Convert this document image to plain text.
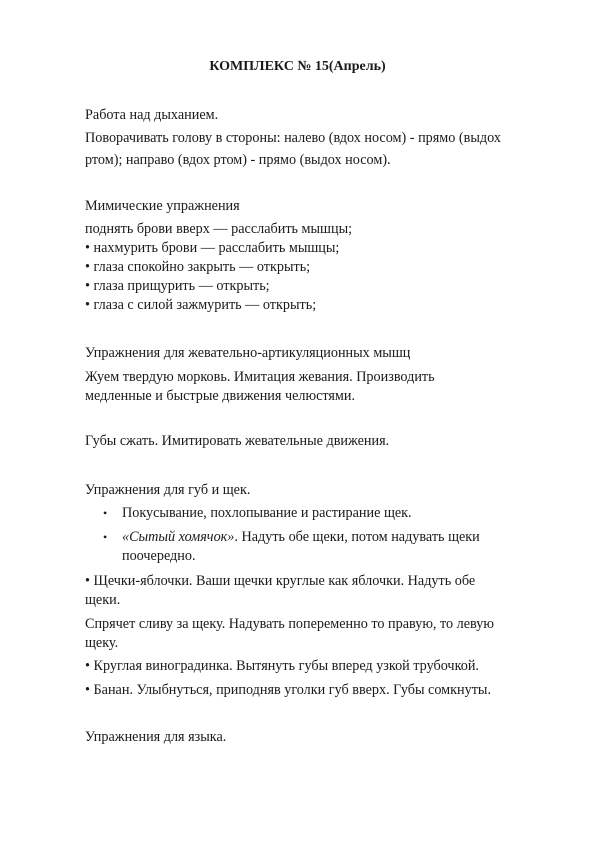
КОМПЛЕКС № 15(Апрель)

Работа над дыханием.

Поворачивать голову в стороны: налево (вдох носом) - прямо (выдох

ртом); направо (вдох ртом) - прямо (выдох носом).

Мимические упражнения

поднять брови вверх — расслабить мышцы;

• нахмурить брови — расслабить мышцы;

• глаза спокойно закрыть — открыть;

• глаза прищурить — открыть;

• глаза с силой зажмурить — открыть;

Упражнения для жевательно-артикуляционных мышц

Жуем твердую морковь. Имитация жевания. Производить

медленные и быстрые движения челюстями.

Губы сжать. Имитировать жевательные движения.

Упражнения для губ и щек.

• Покусывание, похлопывание и растирание щек.

• «Сытый хомячок». Надуть обе щеки, потом надувать щеки

поочередно.

• Щечки-яблочки. Ваши щечки круглые как яблочки. Надуть обе

щеки.

Спрячет сливу за щеку. Надувать попеременно то правую, то левую

щеку.

• Круглая виноградинка. Вытянуть губы вперед узкой трубочкой.

• Банан. Улыбнуться, приподняв уголки губ вверх. Губы сомкнуты.

Упражнения для языка.
